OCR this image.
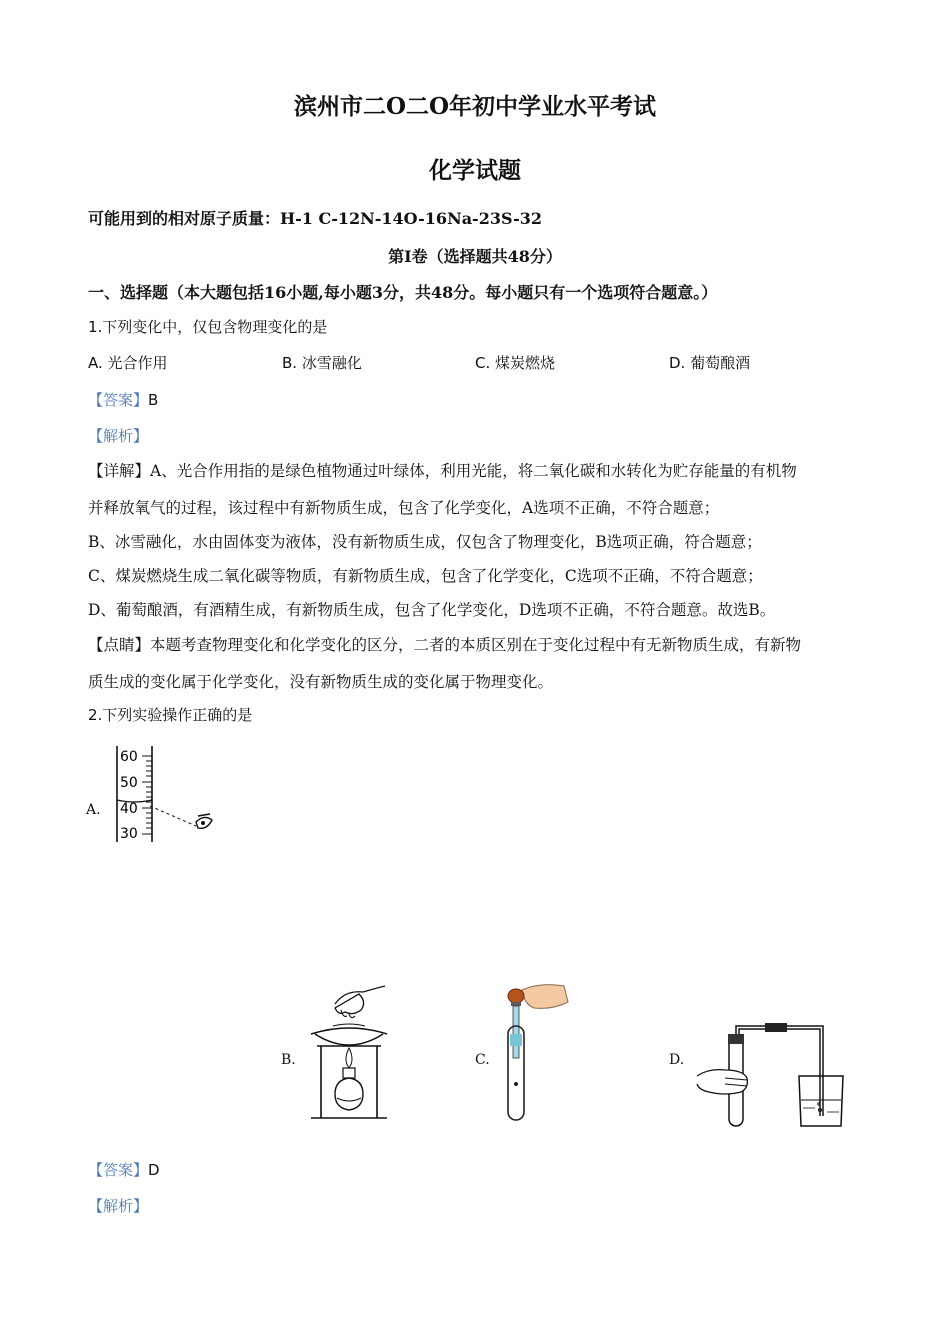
滨州市二O二O年初中学业水平考试
化学试题
可能用到的相对原子质量：H-1 C-12N-14O-16Na-23S-32
第I卷（选择题共48分）
一、选择题（本大题包括16小题,每小题3分，共48分。每小题只有一个选项符合题意。）
1.下列变化中，仅包含物理变化的是
A. 光合作用	B. 冰雪融化	C. 煤炭燃烧	D. 葡萄酿酒
【答案】B
【解析】
【详解】A、光合作用指的是绿色植物通过叶绿体，利用光能，将二氧化碳和水转化为贮存能量的有机物
并释放氧气的过程，该过程中有新物质生成，包含了化学变化，A选项不正确，不符合题意；
B、冰雪融化，水由固体变为液体，没有新物质生成，仅包含了物理变化，B选项正确，符合题意；
C、煤炭燃烧生成二氧化碳等物质，有新物质生成，包含了化学变化，C选项不正确，不符合题意；
D、葡萄酿酒，有酒精生成，有新物质生成，包含了化学变化，D选项不正确，不符合题意。故选B。
【点睛】本题考查物理变化和化学变化的区分，二者的本质区别在于变化过程中有无新物质生成，有新物
质生成的变化属于化学变化，没有新物质生成的变化属于物理变化。
2.下列实验操作正确的是
A.
60
50
40
30
B.	C.	D.
【答案】D
【解析】
